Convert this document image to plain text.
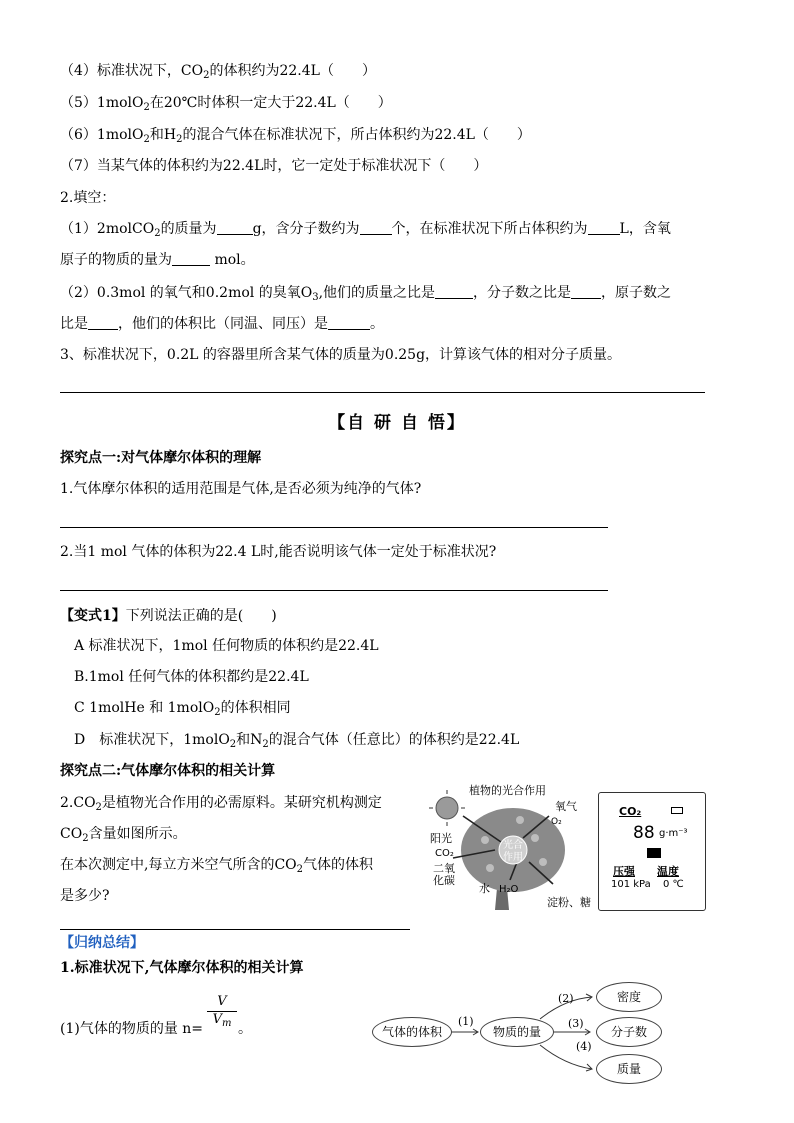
（4）标准状况下，$CO_2$的体积约为22.4L（　　）
（5）1molO$_2$在20℃时体积一定大于22.4L（　　）
（6）1molO$_2$和$H_2$的混合气体在标准状况下，所占体积约为22.4L（　　）
（7）当某气体的体积约为22.4L时，它一定处于标准状况下（　　）
2.填空：
（1）2molCO$_2$的质量为	g，含分子数约为 个，在标准状况下所占体积约为 L，含氧
原子的物质的量为	mol。
（2）0.3mol 的氧气和0.2mol 的臭氧$O_3$,他们的质量之比是	，分子数之比是 ，原子数之
比是 ，他们的体积比（同温、同压）是	。
3、标准状况下，0.2L 的容器里所含某气体的质量为0.25g，计算该气体的相对分子质量。
【自 研 自 悟】
探究点一:对气体摩尔体积的理解
1.气体摩尔体积的适用范围是气体,是否必须为纯净的气体?
2.当1 mol 气体的体积为22.4 L时,能否说明该气体一定处于标准状况?
【变式1】下列说法正确的是(　　)
A 标准状况下，1mol 任何物质的体积约是22.4L
B.1mol 任何气体的体积都约是22.4L
C 1molHe 和 1molO$_2$的体积相同
D　标准状况下，1molO$_2$和$N_2$的混合气体（任意比）的体积约是22.4L
探究点二:气体摩尔体积的相关计算
$2.CO_2$是植物光合作用的必需原料。某研究机构测定
$CO_2$含量如图所示。
在本次测定中,每立方米空气所含的$CO_2$气体的体积
是多少?
光合作用
植物的光合作用
阳光
氧气
O₂
CO₂
二氧化碳
水 H₂O
淀粉、糖
CO₂
88 g·m⁻³
压强 温度
101 kPa 0 ℃
【归纳总结】
1.标准状况下,气体摩尔体积的相关计算
(1)气体的物质的量 n=
V
$V_m$ 。	气体的体积	物质的量
密度
分子数
质量
(1)
(2)
(3)
(4)
